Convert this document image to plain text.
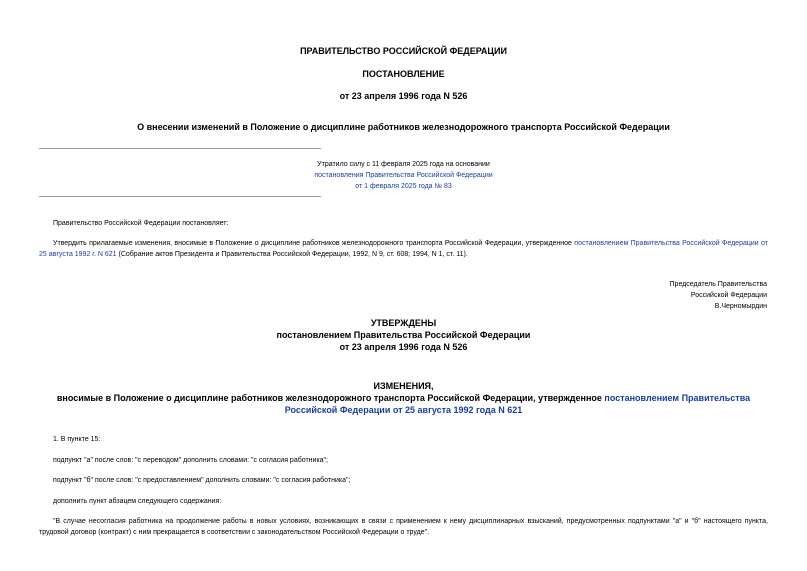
ПРАВИТЕЛЬСТВО РОССИЙСКОЙ ФЕДЕРАЦИИ
ПОСТАНОВЛЕНИЕ
от 23 апреля 1996 года N 526
О внесении изменений в Положение о дисциплине работников железнодорожного транспорта Российской Федерации
Утратило силу с 11 февраля 2025 года на основании
постановления Правительства Российской Федерации
от 1 февраля 2025 года № 83
Правительство Российской Федерации постановляет:
Утвердить прилагаемые изменения, вносимые в Положение о дисциплине работников железнодорожного транспорта Российской Федерации, утвержденное постановлением Правительства Российской Федерации от 25 августа 1992 г. N 621 (Собрание актов Президента и Правительства Российской Федерации, 1992, N 9, ст. 608; 1994, N 1, ст. 11).
Председатель Правительства
Российской Федерации
В.Черномырдин
УТВЕРЖДЕНЫ
постановлением Правительства Российской Федерации
от 23 апреля 1996 года N 526
ИЗМЕНЕНИЯ,
вносимые в Положение о дисциплине работников железнодорожного транспорта Российской Федерации, утвержденное постановлением Правительства
Российской Федерации от 25 августа 1992 года N 621
1. В пункте 15:
подпункт "а" после слов: "с переводом" дополнить словами: "с согласия работника";
подпункт "б" после слов: "с предоставлением" дополнить словами: "с согласия работника";
дополнить пункт абзацем следующего содержания:
"В случае несогласия работника на продолжение работы в новых условиях, возникающих в связи с применением к нему дисциплинарных взысканий, предусмотренных подпунктами "а" и "б" настоящего пункта, трудовой договор (контракт) с ним прекращается в соответствии с законодательством Российской Федерации о труде".
